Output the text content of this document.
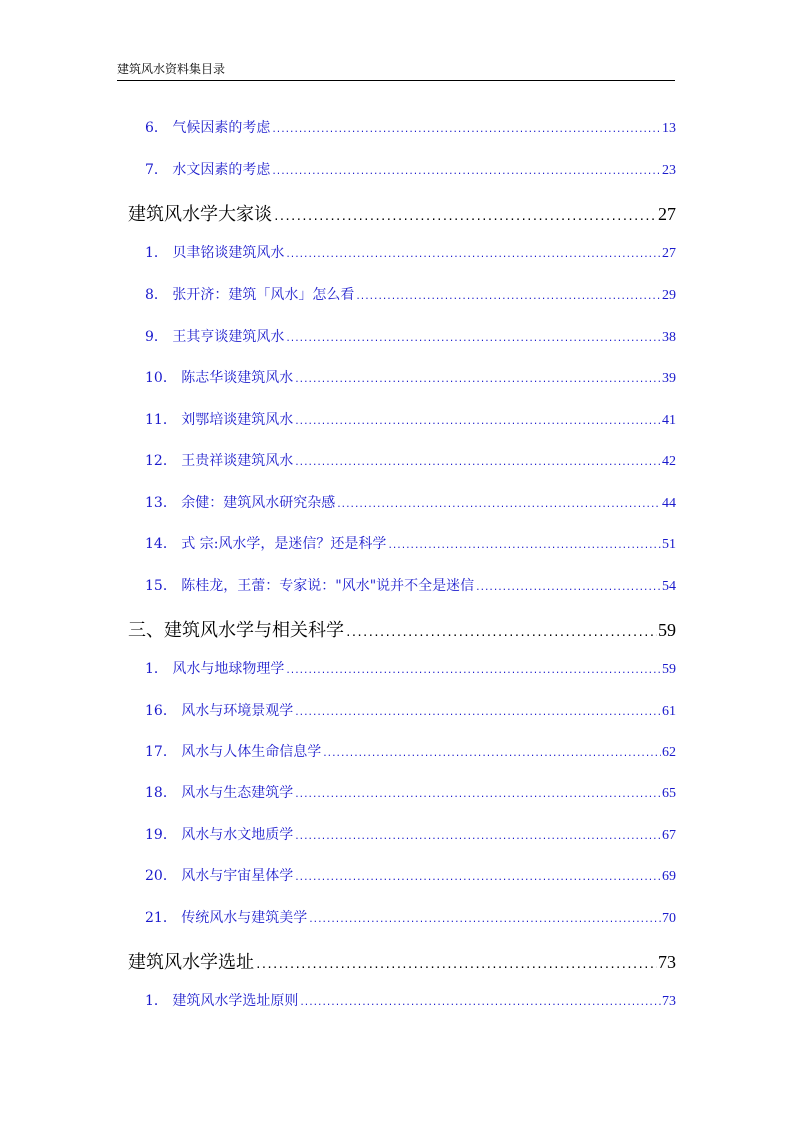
建筑风水资料集目录
6． 气候因素的考虑 .....	13
7． 水文因素的考虑 .....	23
建筑风水学大家谈 .....	27
1． 贝聿铭谈建筑风水 .....	27
8． 张开济：建筑「风水」怎么看 .....	29
9． 王其亨谈建筑风水 .....	38
10． 陈志华谈建筑风水 .....	39
11． 刘鄂培谈建筑风水 .....	41
12． 王贵祥谈建筑风水 .....	42
13． 余健：建筑风水研究杂感 .....	44
14． 式 宗:风水学，是迷信？还是科学 .....	51
15． 陈桂龙，王蕾：专家说："风水"说并不全是迷信 .....	54
三、建筑风水学与相关科学 .....	59
1． 风水与地球物理学 .....	59
16． 风水与环境景观学 .....	61
17． 风水与人体生命信息学 .....	62
18． 风水与生态建筑学 .....	65
19． 风水与水文地质学 .....	67
20． 风水与宇宙星体学 .....	69
21． 传统风水与建筑美学 .....	70
建筑风水学选址 .....	73
1． 建筑风水学选址原则 .....	73
